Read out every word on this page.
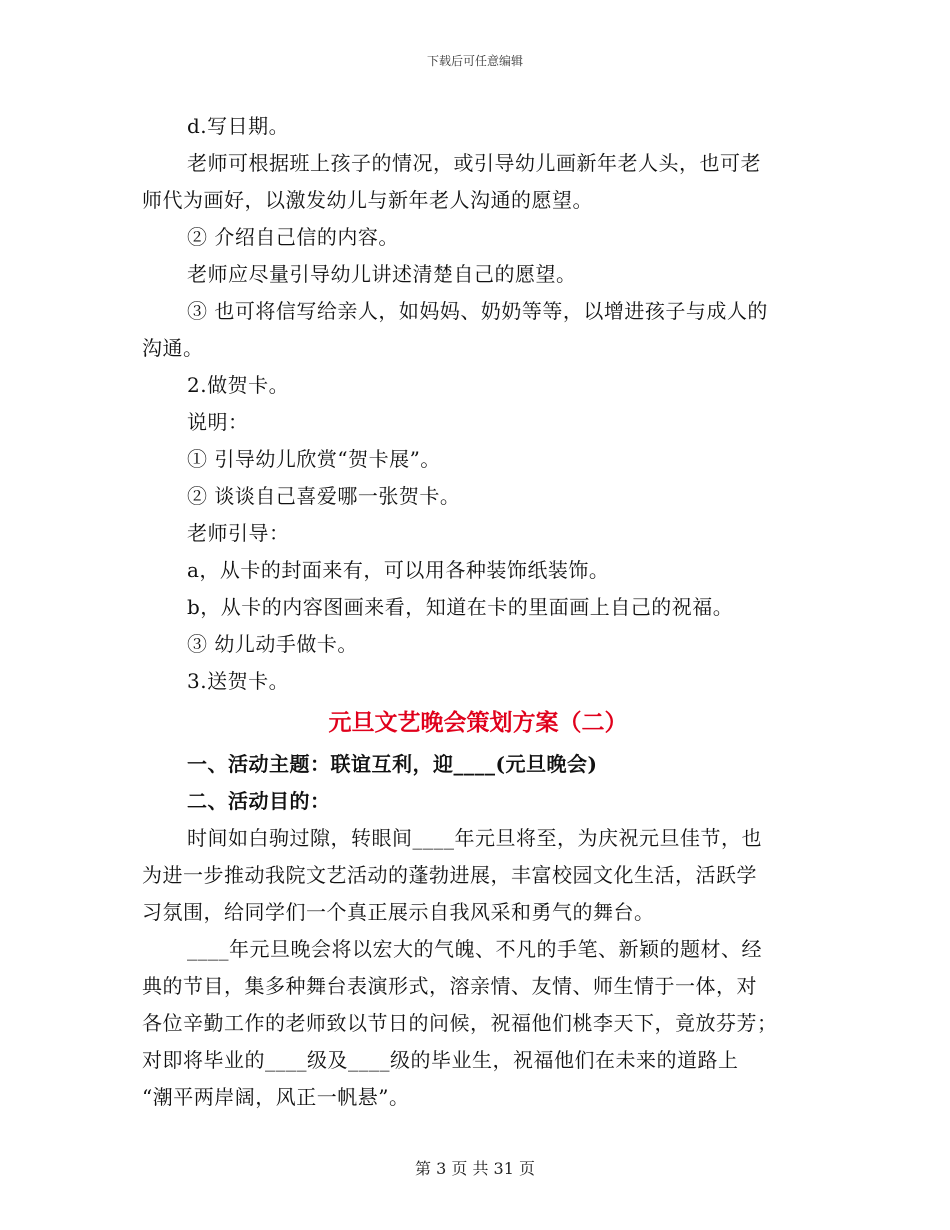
下载后可任意编辑
d.写日期。
老师可根据班上孩子的情况，或引导幼儿画新年老人头，也可老
师代为画好，以激发幼儿与新年老人沟通的愿望。
② 介绍自己信的内容。
老师应尽量引导幼儿讲述清楚自己的愿望。
③ 也可将信写给亲人，如妈妈、奶奶等等，以增进孩子与成人的
沟通。
2.做贺卡。
说明：
① 引导幼儿欣赏“贺卡展”。
② 谈谈自己喜爱哪一张贺卡。
老师引导：
a，从卡的封面来有，可以用各种装饰纸装饰。
b，从卡的内容图画来看，知道在卡的里面画上自己的祝福。
③ 幼儿动手做卡。
3.送贺卡。
元旦文艺晚会策划方案（二）
一、活动主题：联谊互利，迎____(元旦晚会)
二、活动目的：
时间如白驹过隙，转眼间____年元旦将至，为庆祝元旦佳节，也
为进一步推动我院文艺活动的蓬勃进展，丰富校园文化生活，活跃学
习氛围，给同学们一个真正展示自我风采和勇气的舞台。
____年元旦晚会将以宏大的气魄、不凡的手笔、新颖的题材、经
典的节目，集多种舞台表演形式，溶亲情、友情、师生情于一体，对
各位辛勤工作的老师致以节日的问候，祝福他们桃李天下，竟放芬芳；
对即将毕业的____级及____级的毕业生，祝福他们在未来的道路上
“潮平两岸阔，风正一帆悬”。
第 3 页 共 31 页
